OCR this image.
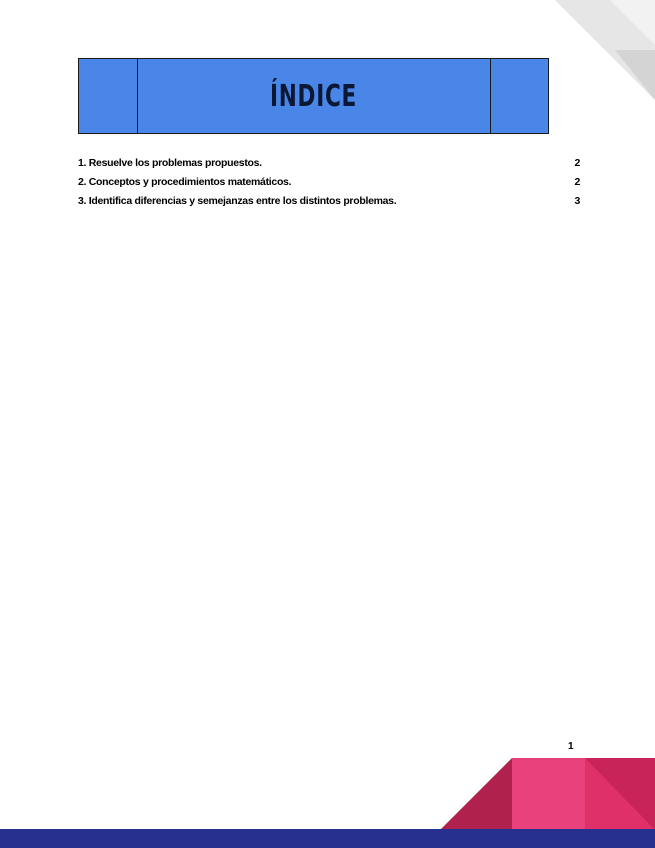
ÍNDICE
1. Resuelve los problemas propuestos.	2
2. Conceptos y procedimientos matemáticos.	2
3. Identifica diferencias y semejanzas entre los distintos problemas.	3
1
